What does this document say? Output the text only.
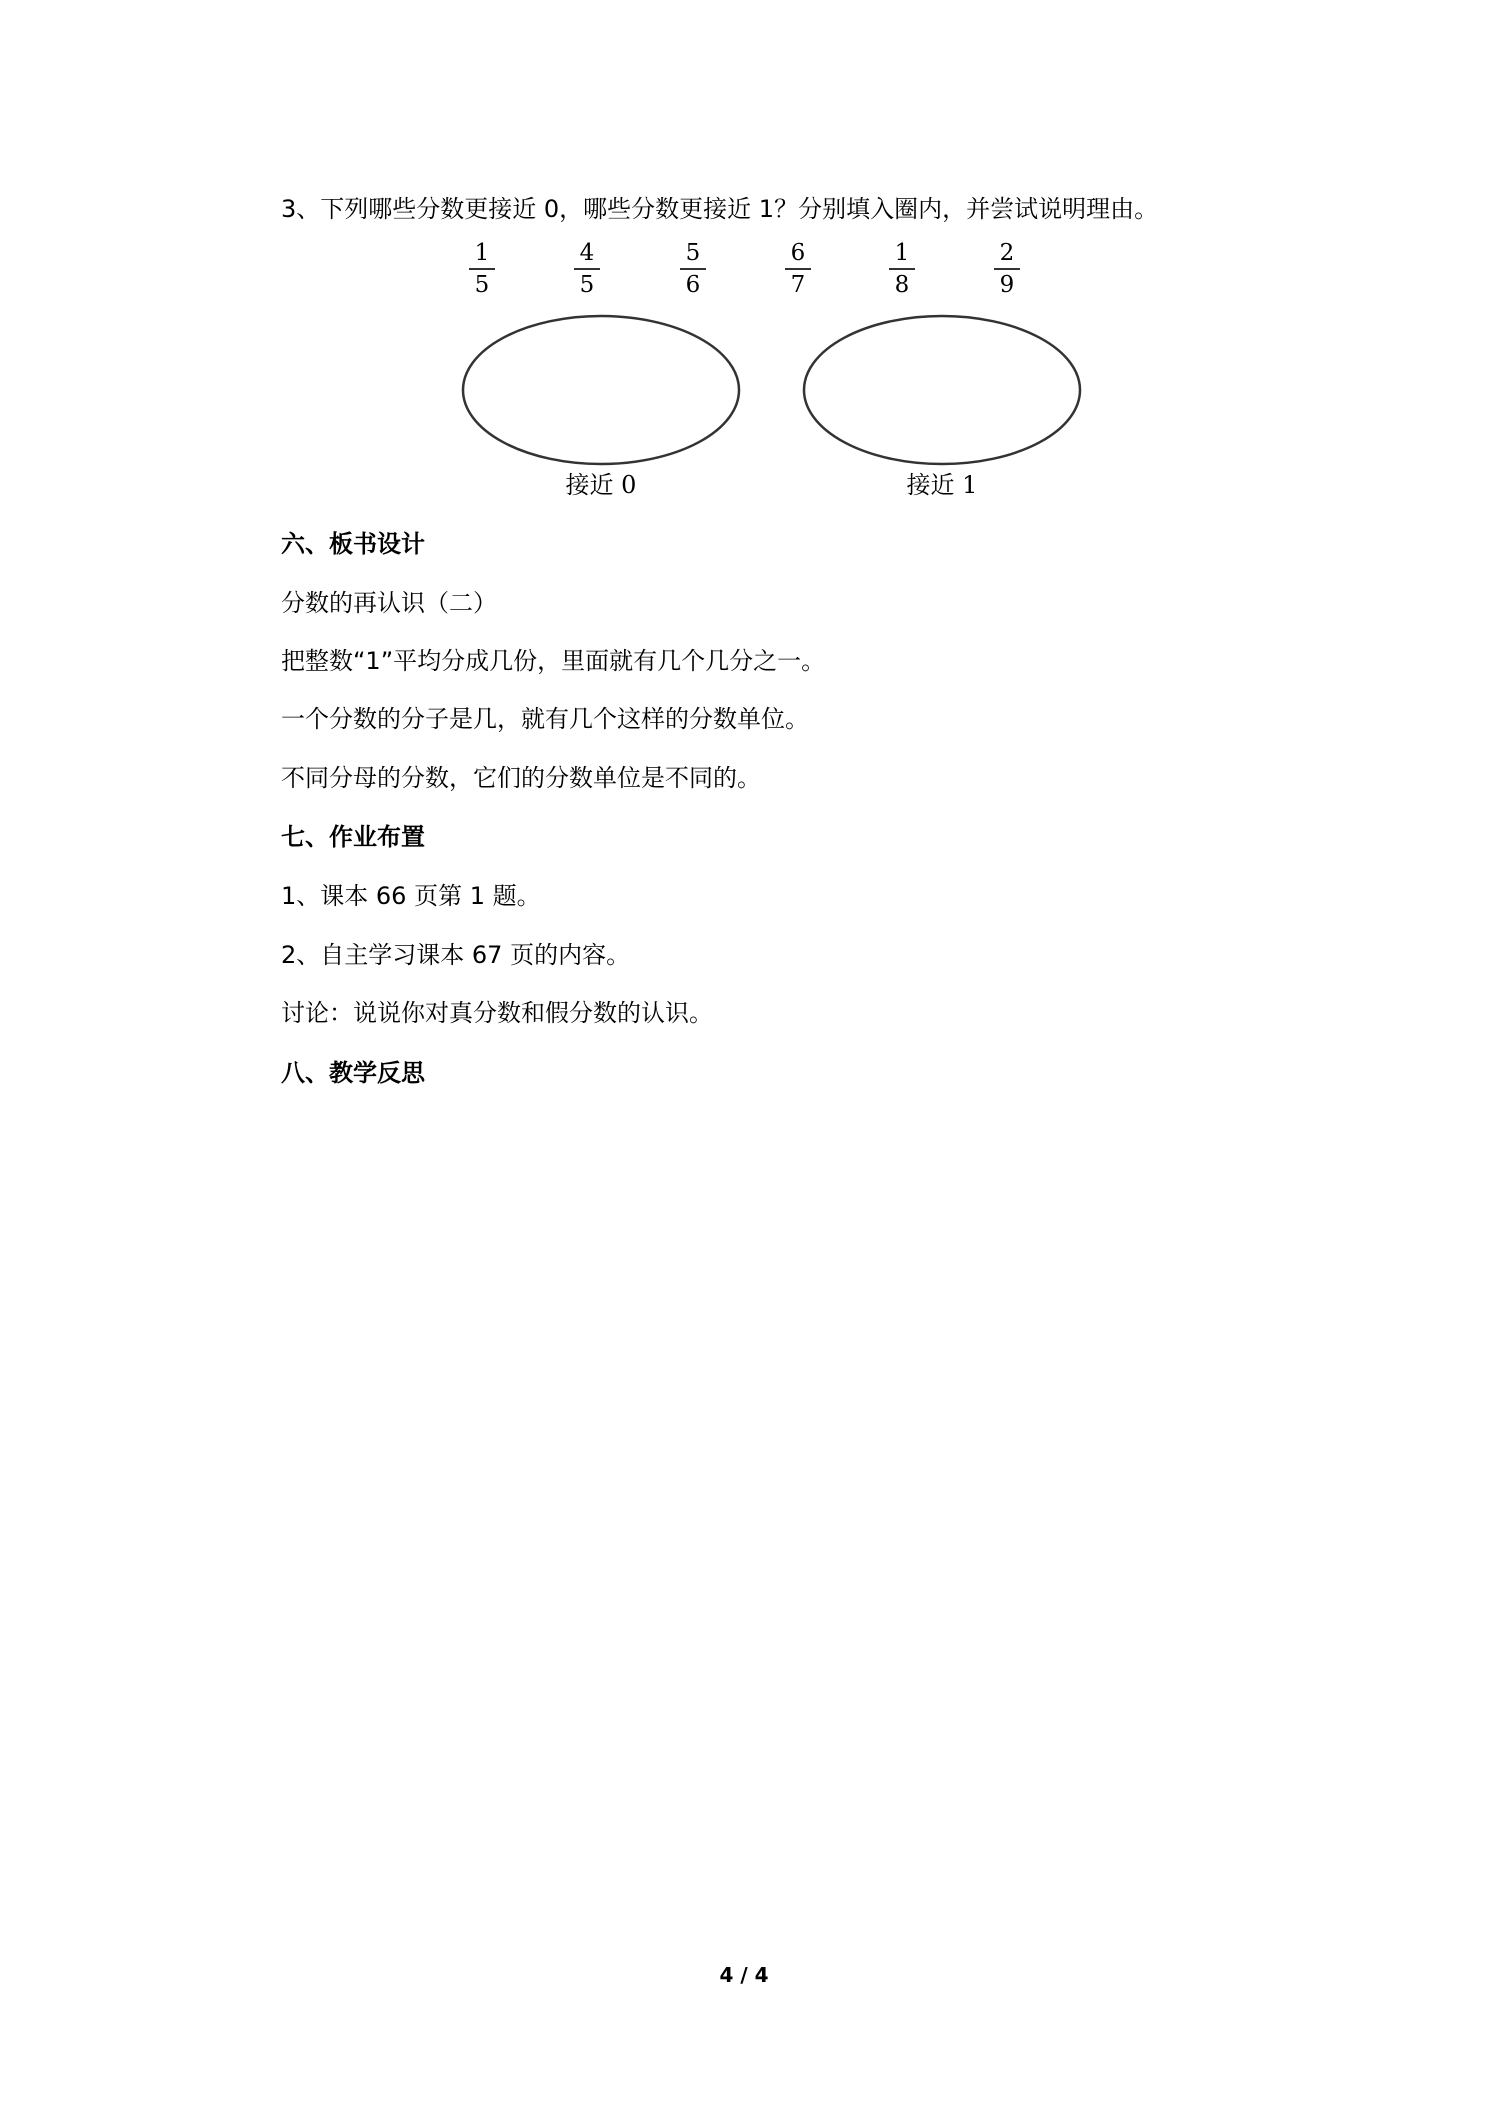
3、下列哪些分数更接近 0，哪些分数更接近 1？分别填入圈内，并尝试说明理由。
1
5
4
5
5
6
6
7
1
8
2
9
接近 0	接近 1
六、板书设计
分数的再认识（二）
把整数“1”平均分成几份，里面就有几个几分之一。
一个分数的分子是几，就有几个这样的分数单位。
不同分母的分数，它们的分数单位是不同的。
七、作业布置
1、课本 66 页第 1 题。
2、自主学习课本 67 页的内容。
讨论：说说你对真分数和假分数的认识。
八、教学反思
4 / 4
